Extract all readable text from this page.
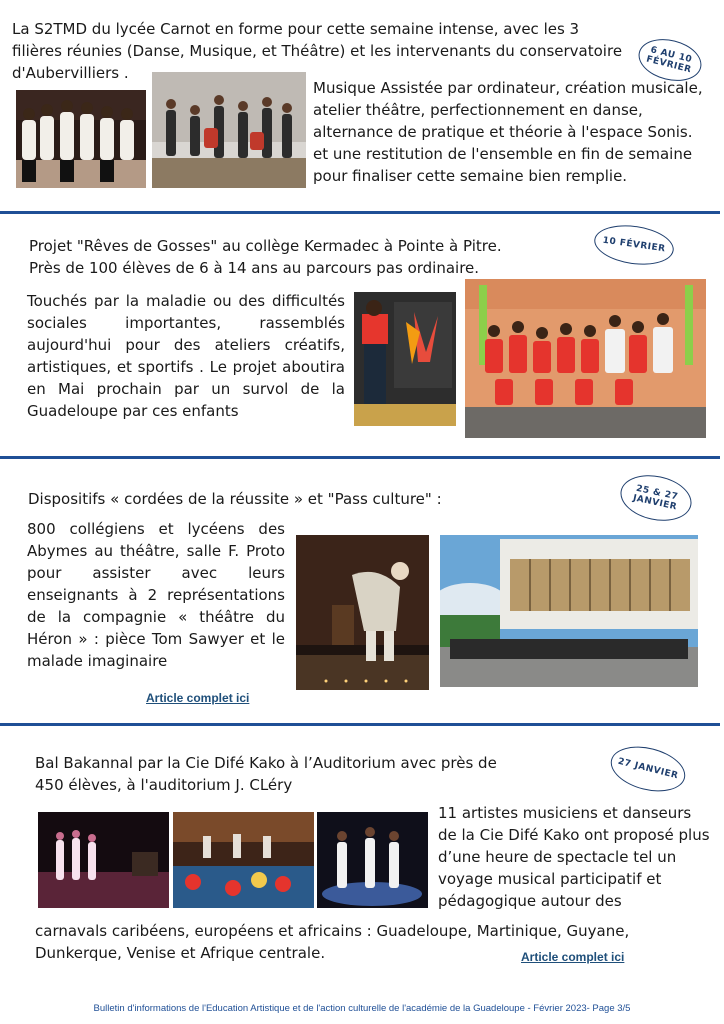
La S2TMD du lycée Carnot en forme pour cette semaine intense, avec les 3 filières réunies (Danse, Musique, et Théâtre) et les intervenants du conservatoire d'Aubervilliers .
6 AU 10 FÉVRIER
Musique Assistée par ordinateur, création musicale, atelier théâtre, perfectionnement en danse, alternance de pratique et théorie à l'espace Sonis. et une restitution de l'ensemble en fin de semaine pour finaliser cette semaine bien remplie.
Projet "Rêves de Gosses" au collège Kermadec à Pointe à Pitre.
Près de 100 élèves de 6 à 14 ans au parcours pas ordinaire.
10 FÉVRIER
Touchés par la maladie ou des difficultés sociales importantes, rassemblés aujourd'hui pour des ateliers créatifs, artistiques, et sportifs . Le projet aboutira en Mai prochain par un survol de la Guadeloupe par ces enfants
Dispositifs « cordées de la réussite » et "Pass culture" :	25 & 27 JANVIER
800 collégiens et lycéens des Abymes au théâtre, salle F. Proto pour assister avec leurs enseignants à 2 représentations de la compagnie « théâtre du Héron » : pièce Tom Sawyer et le malade imaginaire
Article complet ici
Bal Bakannal par la Cie Difé Kako à l’Auditorium avec près de 450 élèves, à l'auditorium J. CLéry
27 JANVIER
11 artistes musiciens et danseurs de la Cie Difé Kako ont proposé plus d’une heure de spectacle tel un voyage musical participatif et pédagogique autour des
carnavals caribéens, européens et africains : Guadeloupe, Martinique, Guyane, Dunkerque, Venise et Afrique centrale.	Article complet ici
Bulletin d'informations de l'Education Artistique et de l'action culturelle de l'académie de la Guadeloupe - Février 2023- Page 3/5
